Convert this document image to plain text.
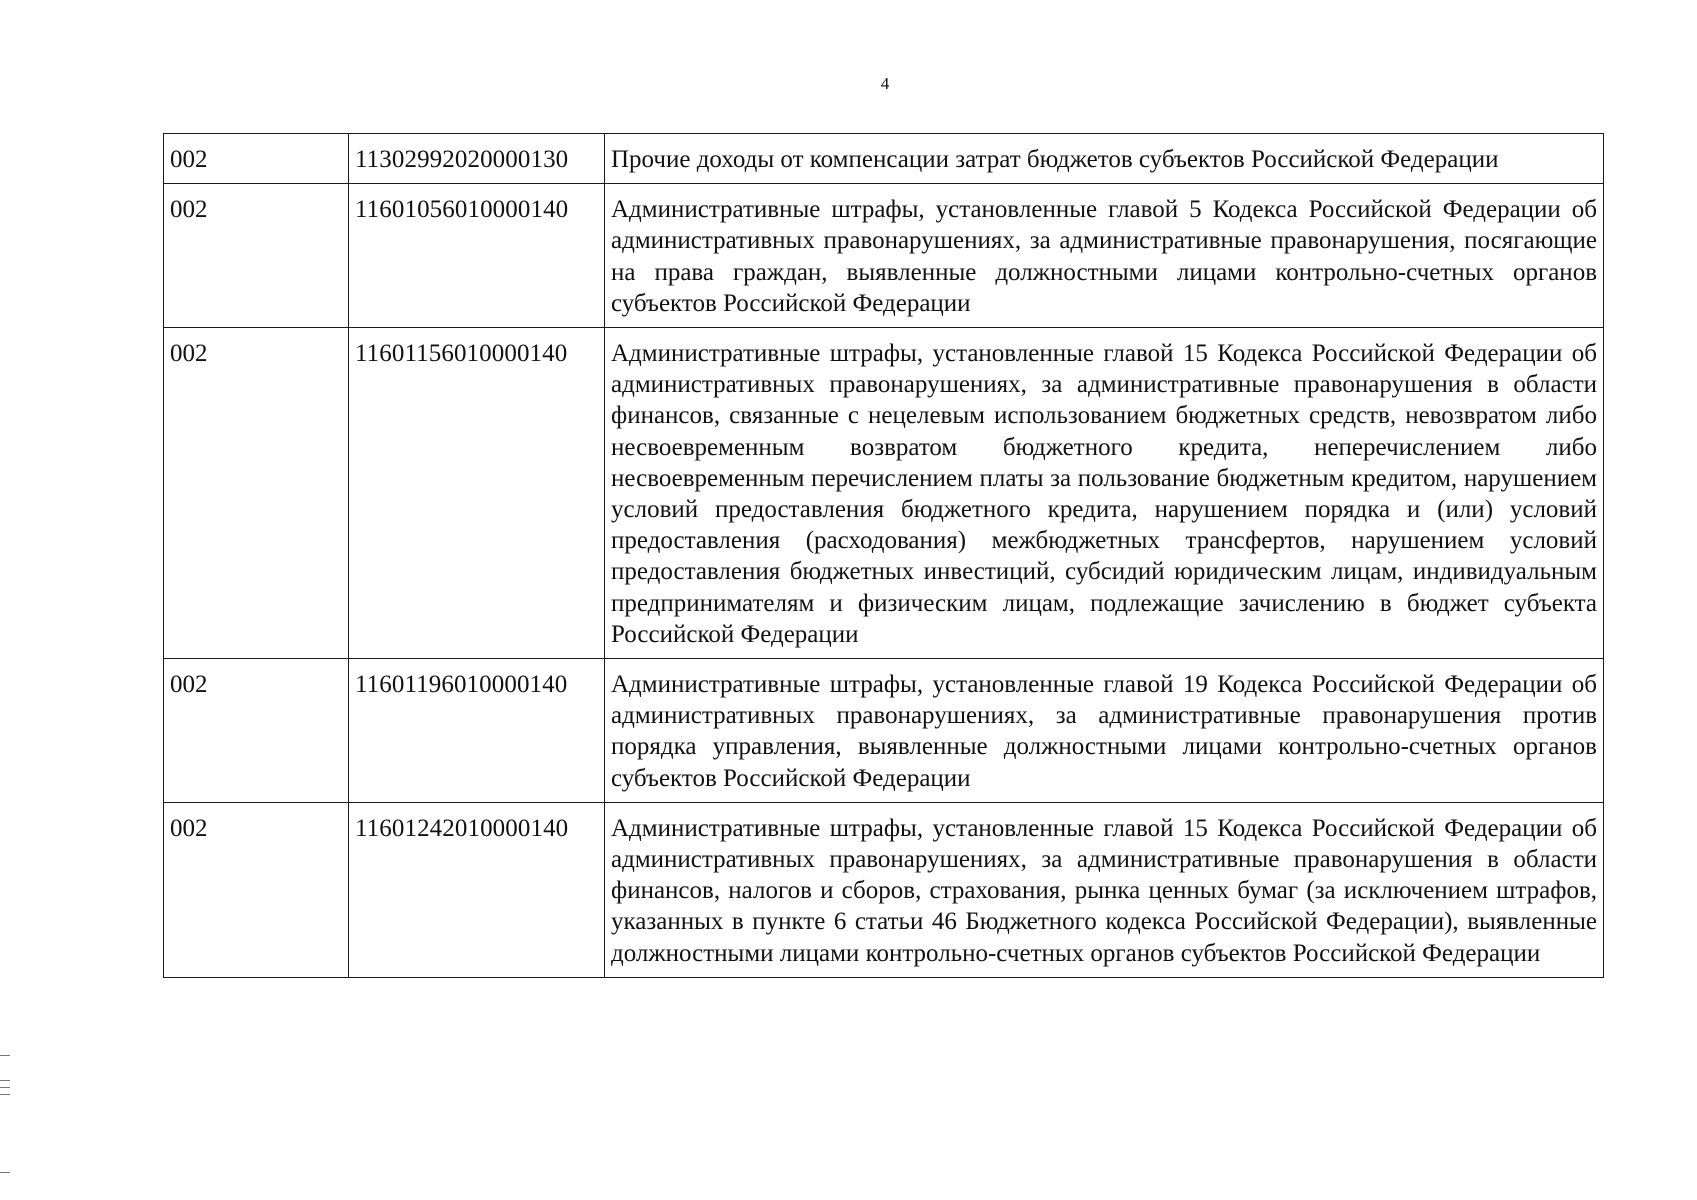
4
002	11302992020000130	Прочие доходы от компенсации затрат бюджетов субъектов Российской Федерации
002	11601056010000140	Административные штрафы, установленные главой 5 Кодекса Российской Федерации об административных правонарушениях, за административные правонарушения, посягающие на права граждан, выявленные должностными лицами контрольно-счетных органов субъектов Российской Федерации
002	11601156010000140	Административные штрафы, установленные главой 15 Кодекса Российской Федерации об административных правонарушениях, за административные правонарушения в области финансов, связанные с нецелевым использованием бюджетных средств, невозвратом либо несвоевременным возвратом бюджетного кредита, неперечислением либо несвоевременным перечислением платы за пользование бюджетным кредитом, нарушением условий предоставления бюджетного кредита, нарушением порядка и (или) условий предоставления (расходования) межбюджетных трансфертов, нарушением условий предоставления бюджетных инвестиций, субсидий юридическим лицам, индивидуальным предпринимателям и физическим лицам, подлежащие зачислению в бюджет субъекта Российской Федерации
002	11601196010000140	Административные штрафы, установленные главой 19 Кодекса Российской Федерации об административных правонарушениях, за административные правонарушения против порядка управления, выявленные должностными лицами контрольно-счетных органов субъектов Российской Федерации
002	11601242010000140	Административные штрафы, установленные главой 15 Кодекса Российской Федерации об административных правонарушениях, за административные правонарушения в области финансов, налогов и сборов, страхования, рынка ценных бумаг (за исключением штрафов, указанных в пункте 6 статьи 46 Бюджетного кодекса Российской Федерации), выявленные должностными лицами контрольно-счетных органов субъектов Российской Федерации
